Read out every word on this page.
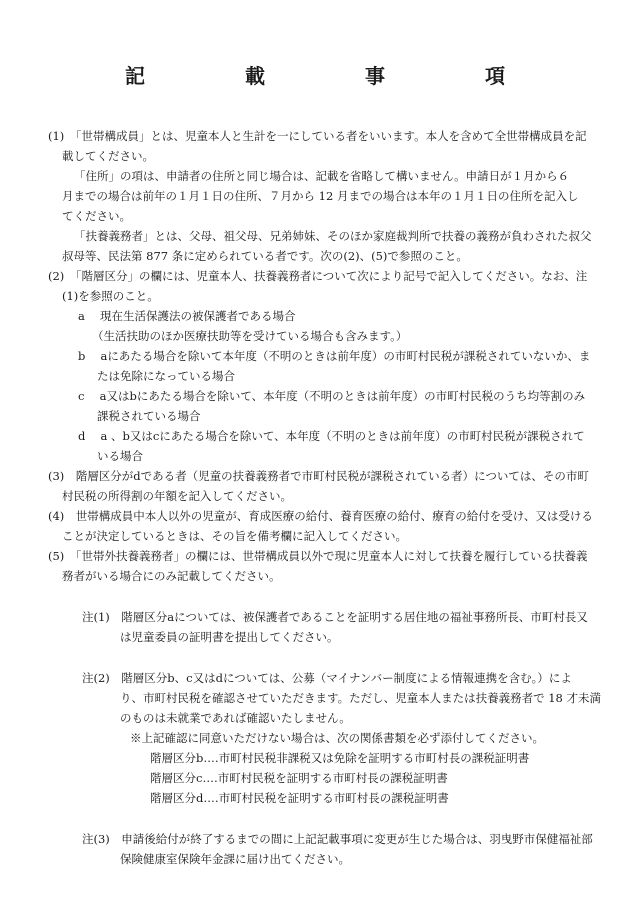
記　載　事　項
(1)　「世帯構成員」とは、児童本人と生計を一にしている者をいいます。本人を含めて全世帯構成員を記
載してください。
「住所」の項は、申請者の住所と同じ場合は、記載を省略して構いません。申請日が１月から６
月までの場合は前年の１月１日の住所、７月から 12 月までの場合は本年の１月１日の住所を記入し
てください。
「扶養義務者」とは、父母、祖父母、兄弟姉妹、そのほか家庭裁判所で扶養の義務が負わされた叔父
叔母等、民法第 877 条に定められている者です。次の(2)、(5)で参照のこと。
(2)　「階層区分」の欄には、児童本人、扶養義務者について次により記号で記入してください。なお、注
(1)を参照のこと。
a　 現在生活保護法の被保護者である場合
（生活扶助のほか医療扶助等を受けている場合も含みます。）
b　 aにあたる場合を除いて本年度（不明のときは前年度）の市町村民税が課税されていないか、ま
たは免除になっている場合
c　 a又はbにあたる場合を除いて、本年度（不明のときは前年度）の市町村民税のうち均等割のみ
課税されている場合
d　 a 、b又はcにあたる場合を除いて、本年度（不明のときは前年度）の市町村民税が課税されて
いる場合
(3)　階層区分がdである者（児童の扶養義務者で市町村民税が課税されている者）については、その市町
村民税の所得割の年額を記入してください。
(4)　世帯構成員中本人以外の児童が、育成医療の給付、養育医療の給付、療育の給付を受け、又は受ける
ことが決定しているときは、その旨を備考欄に記入してください。
(5)　「世帯外扶養義務者」の欄には、世帯構成員以外で現に児童本人に対して扶養を履行している扶養義
務者がいる場合にのみ記載してください。
注(1)　階層区分aについては、被保護者であることを証明する居住地の福祉事務所長、市町村長又
は児童委員の証明書を提出してください。
注(2)　階層区分b、c又はdについては、公募（マイナンバー制度による情報連携を含む。）によ
り、市町村民税を確認させていただきます。ただし、児童本人または扶養義務者で 18 才未満
のものは未就業であれば確認いたしません。
※上記確認に同意いただけない場合は、次の関係書類を必ず添付してください。
階層区分b‥‥市町村民税非課税又は免除を証明する市町村長の課税証明書
階層区分c‥‥市町村民税を証明する市町村長の課税証明書
階層区分d‥‥市町村民税を証明する市町村長の課税証明書
注(3)　申請後給付が終了するまでの間に上記記載事項に変更が生じた場合は、羽曳野市保健福祉部
保険健康室保険年金課に届け出てください。
